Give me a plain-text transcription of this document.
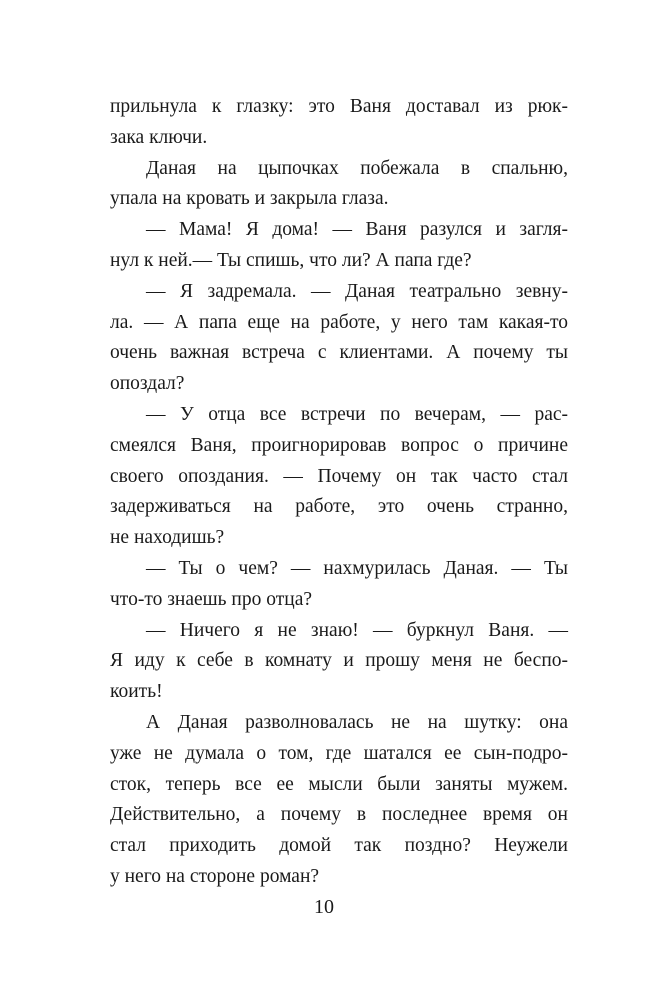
прильнула к глазку: это Ваня доставал из рюк-
зака ключи.
Даная на цыпочках побежала в спальню,
упала на кровать и закрыла глаза.
— Мама! Я дома! — Ваня разулся и загля-
нул к ней.— Ты спишь, что ли? А папа где?
— Я задремала. — Даная театрально зевну-
ла. — А папа еще на работе, у него там какая-то
очень важная встреча с клиентами. А почему ты
опоздал?
— У отца все встречи по вечерам, — рас-
смеялся Ваня, проигнорировав вопрос о причине
своего опоздания. — Почему он так часто стал
задерживаться на работе, это очень странно,
не находишь?
— Ты о чем? — нахмурилась Даная. — Ты
что-то знаешь про отца?
— Ничего я не знаю! — буркнул Ваня. —
Я иду к себе в комнату и прошу меня не беспо-
коить!
А Даная разволновалась не на шутку: она
уже не думала о том, где шатался ее сын-подро-
сток, теперь все ее мысли были заняты мужем.
Действительно, а почему в последнее время он
стал приходить домой так поздно? Неужели
у него на стороне роман?
10
